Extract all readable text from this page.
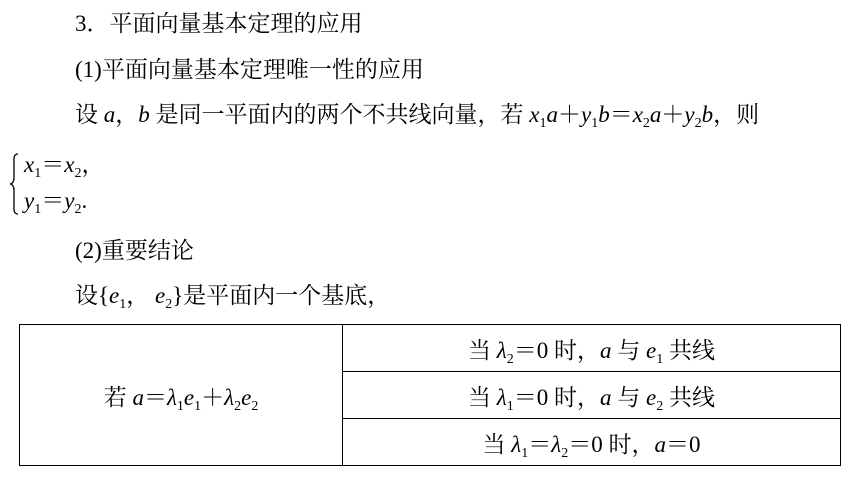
3．平面向量基本定理的应用
(1)平面向量基本定理唯一性的应用
设 a，b 是同一平面内的两个不共线向量，若 $x_1a+y_1b=x_2a+y_2b$，则
$x_1=x_2$，
$y_1=y_2$.
(2)重要结论
设{$e_1$， $e_2$}是平面内一个基底，
若 $a=\lambda_1e_1+\lambda_2e_2$	当 $\lambda_2=0$ 时，a 与 $e_1$ 共线
当 $\lambda_1=0$ 时，a 与 $e_2$ 共线
当 $\lambda_1=\lambda_2=0$ 时，a＝0
